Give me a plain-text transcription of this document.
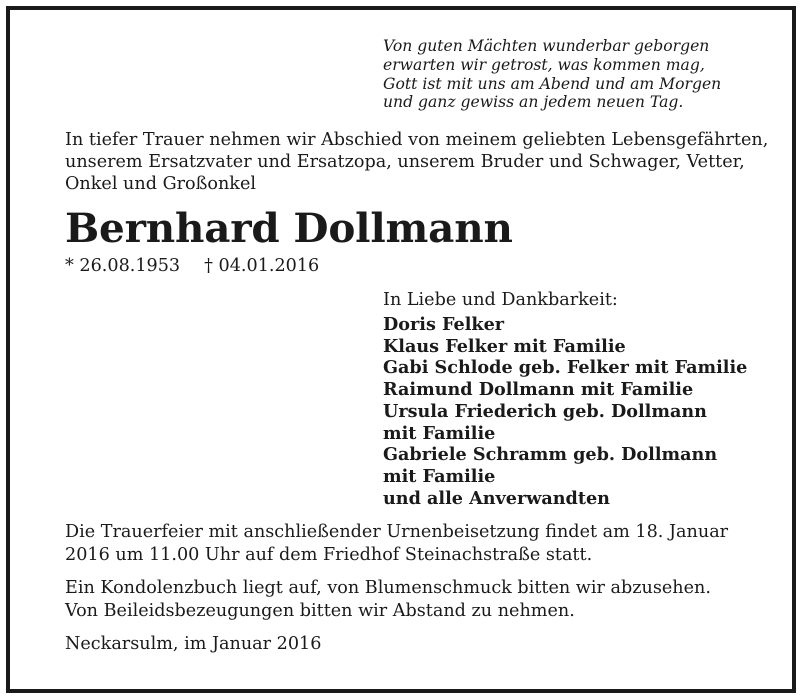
Von guten Mächten wunderbar geborgen
erwarten wir getrost, was kommen mag,
Gott ist mit uns am Abend und am Morgen
und ganz gewiss an jedem neuen Tag.
In tiefer Trauer nehmen wir Abschied von meinem geliebten Lebensgefährten,
unserem Ersatzvater und Ersatzopa, unserem Bruder und Schwager, Vetter,
Onkel und Großonkel
Bernhard Dollmann
* 26.08.1953 † 04.01.2016
In Liebe und Dankbarkeit:
Doris Felker
Klaus Felker mit Familie
Gabi Schlode geb. Felker mit Familie
Raimund Dollmann mit Familie
Ursula Friederich geb. Dollmann
mit Familie
Gabriele Schramm geb. Dollmann
mit Familie
und alle Anverwandten
Die Trauerfeier mit anschließender Urnenbeisetzung findet am 18. Januar
2016 um 11.00 Uhr auf dem Friedhof Steinachstraße statt.
Ein Kondolenzbuch liegt auf, von Blumenschmuck bitten wir abzusehen.
Von Beileidsbezeugungen bitten wir Abstand zu nehmen.
Neckarsulm, im Januar 2016
